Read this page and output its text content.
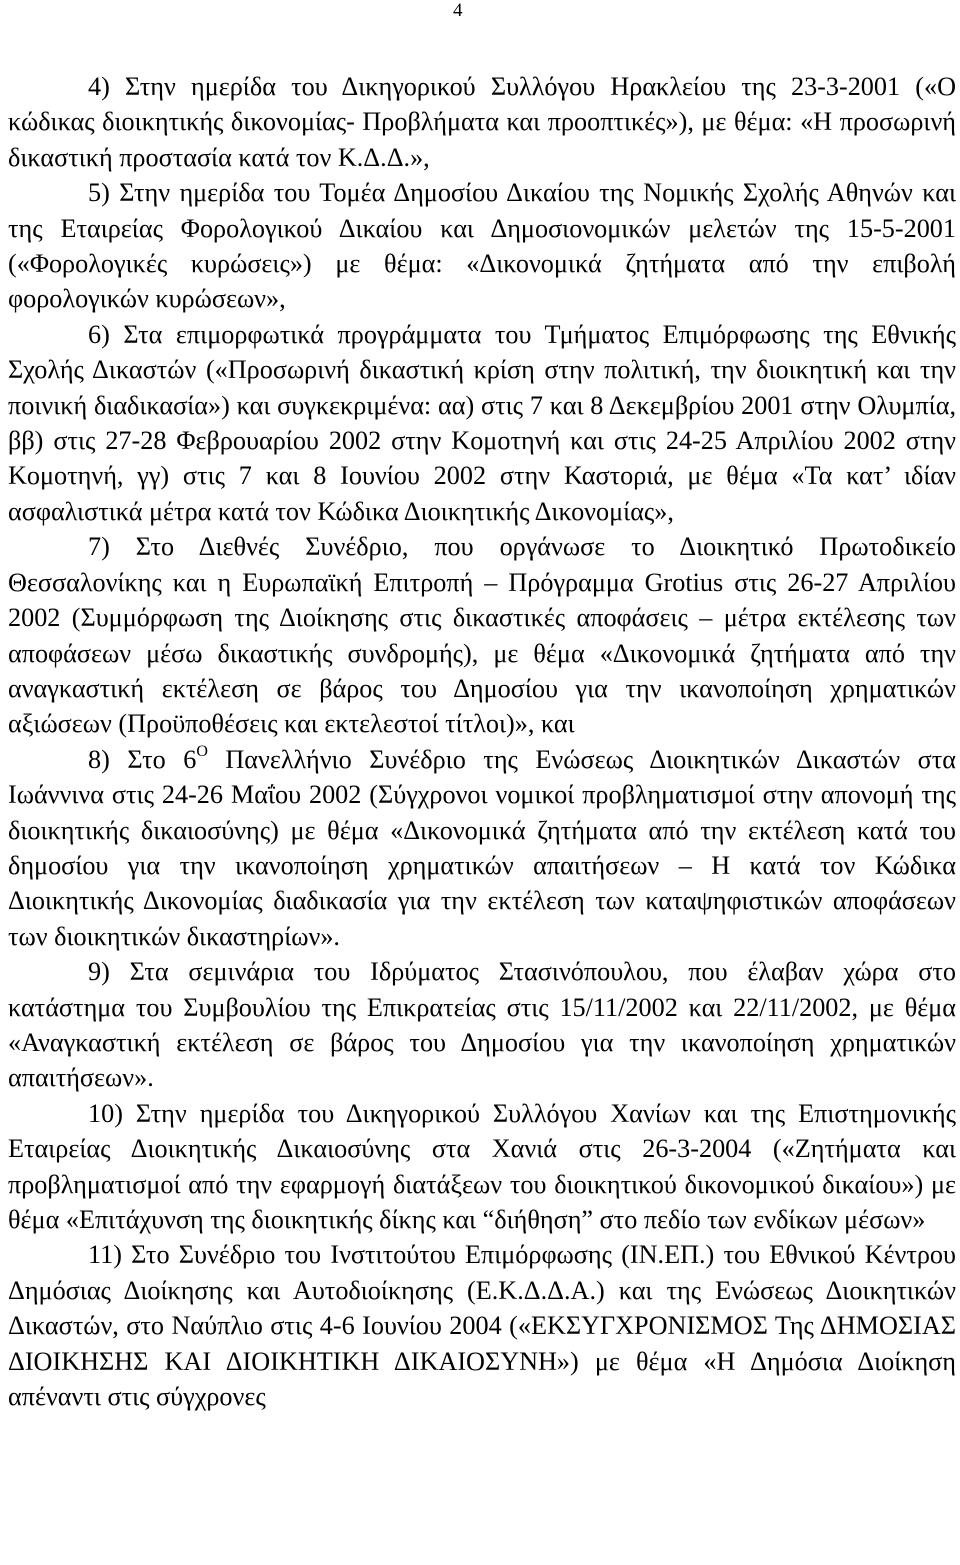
4

4) Στην ημερίδα του Δικηγορικού Συλλόγου Ηρακλείου της 23-3-2001 («Ο κώδικας διοικητικής δικονομίας- Προβλήματα και προοπτικές»), με θέμα: «Η προσωρινή δικαστική προστασία κατά τον Κ.Δ.Δ.»,

5) Στην ημερίδα του Τομέα Δημοσίου Δικαίου της Νομικής Σχολής Αθηνών και της Εταιρείας Φορολογικού Δικαίου και Δημοσιονομικών μελετών της 15-5-2001 («Φορολογικές κυρώσεις») με θέμα: «Δικονομικά ζητήματα από την επιβολή φορολογικών κυρώσεων»,

6) Στα επιμορφωτικά προγράμματα του Τμήματος Επιμόρφωσης της Εθνικής Σχολής Δικαστών («Προσωρινή δικαστική κρίση στην πολιτική, την διοικητική και την ποινική διαδικασία») και συγκεκριμένα: αα) στις 7 και 8 Δεκεμβρίου 2001 στην Ολυμπία, ββ) στις 27-28 Φεβρουαρίου 2002 στην Κομοτηνή και στις 24-25 Απριλίου 2002 στην Κομοτηνή, γγ) στις 7 και 8 Ιουνίου 2002 στην Καστοριά, με θέμα «Τα κατ’ ιδίαν ασφαλιστικά μέτρα κατά τον Κώδικα Διοικητικής Δικονομίας»,

7) Στο Διεθνές Συνέδριο, που οργάνωσε το Διοικητικό Πρωτοδικείο Θεσσαλονίκης και η Ευρωπαϊκή Επιτροπή – Πρόγραμμα Grotius στις 26-27 Απριλίου 2002 (Συμμόρφωση της Διοίκησης στις δικαστικές αποφάσεις – μέτρα εκτέλεσης των αποφάσεων μέσω δικαστικής συνδρομής), με θέμα «Δικονομικά ζητήματα από την αναγκαστική εκτέλεση σε βάρος του Δημοσίου για την ικανοποίηση χρηματικών αξιώσεων (Προϋποθέσεις και εκτελεστοί τίτλοι)», και

8) Στο $6^O$ Πανελλήνιο Συνέδριο της Ενώσεως Διοικητικών Δικαστών στα Ιωάννινα στις 24-26 Μαΐου 2002 (Σύγχρονοι νομικοί προβληματισμοί στην απονομή της διοικητικής δικαιοσύνης) με θέμα «Δικονομικά ζητήματα από την εκτέλεση κατά του δημοσίου για την ικανοποίηση χρηματικών απαιτήσεων – Η κατά τον Κώδικα Διοικητικής Δικονομίας διαδικασία για την εκτέλεση των καταψηφιστικών αποφάσεων των διοικητικών δικαστηρίων».

9) Στα σεμινάρια του Ιδρύματος Στασινόπουλου, που έλαβαν χώρα στο κατάστημα του Συμβουλίου της Επικρατείας στις 15/11/2002 και 22/11/2002, με θέμα «Αναγκαστική εκτέλεση σε βάρος του Δημοσίου για την ικανοποίηση χρηματικών απαιτήσεων».

10) Στην ημερίδα του Δικηγορικού Συλλόγου Χανίων και της Επιστημονικής Εταιρείας Διοικητικής Δικαιοσύνης στα Χανιά στις 26-3-2004 («Ζητήματα και προβληματισμοί από την εφαρμογή διατάξεων του διοικητικού δικονομικού δικαίου») με θέμα «Επιτάχυνση της διοικητικής δίκης και “διήθηση” στο πεδίο των ενδίκων μέσων»

11) Στο Συνέδριο του Ινστιτούτου Επιμόρφωσης (ΙΝ.ΕΠ.) του Εθνικού Κέντρου Δημόσιας Διοίκησης και Αυτοδιοίκησης (Ε.Κ.Δ.Δ.Α.) και της Ενώσεως Διοικητικών Δικαστών, στο Ναύπλιο στις 4-6 Ιουνίου 2004 («ΕΚΣΥΓΧΡΟΝΙΣΜΟΣ Της ΔΗΜΟΣΙΑΣ ΔΙΟΙΚΗΣΗΣ ΚΑΙ ΔΙΟΙΚΗΤΙΚΗ ΔΙΚΑΙΟΣΥΝΗ») με θέμα «Η Δημόσια Διοίκηση απέναντι στις σύγχρονες
